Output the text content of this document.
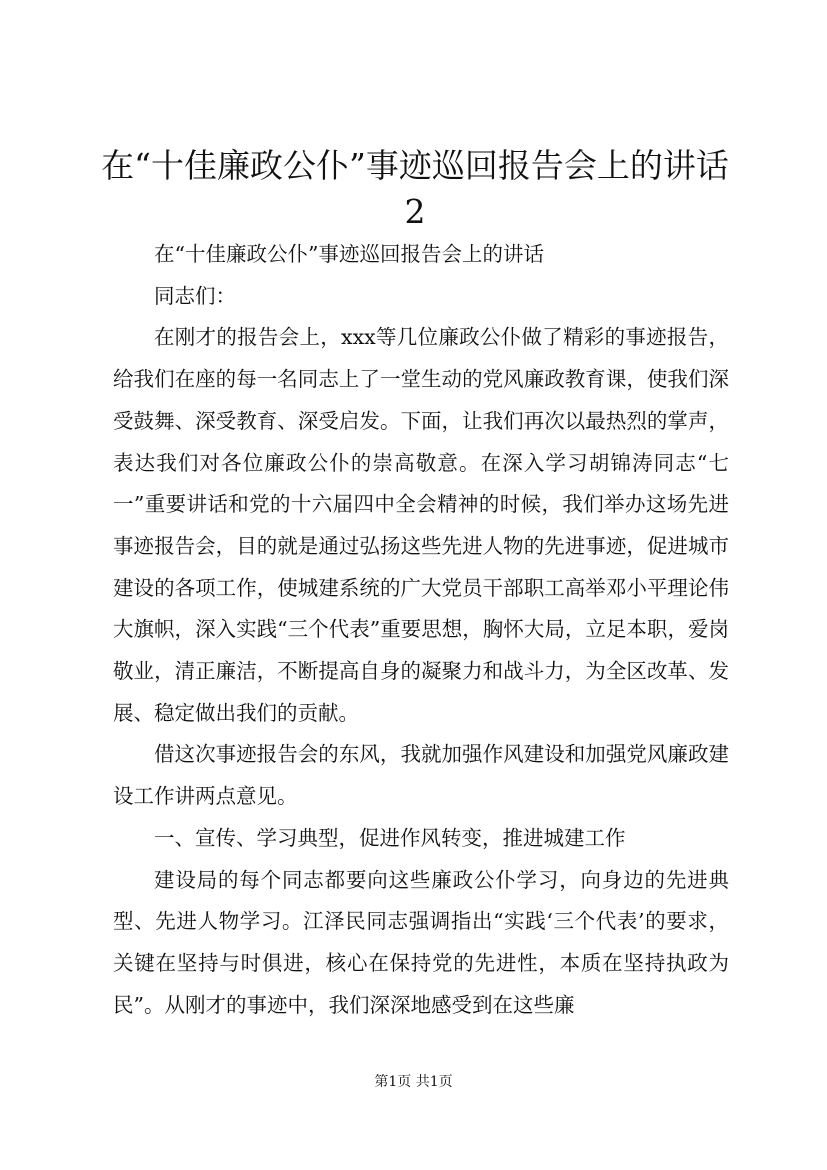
在“十佳廉政公仆”事迹巡回报告会上的讲话
2

在“十佳廉政公仆”事迹巡回报告会上的讲话

同志们：

在刚才的报告会上，xxx等几位廉政公仆做了精彩的事迹报告，给我们在座的每一名同志上了一堂生动的党风廉政教育课，使我们深受鼓舞、深受教育、深受启发。下面，让我们再次以最热烈的掌声，表达我们对各位廉政公仆的崇高敬意。在深入学习胡锦涛同志“七一”重要讲话和党的十六届四中全会精神的时候，我们举办这场先进事迹报告会，目的就是通过弘扬这些先进人物的先进事迹，促进城市建设的各项工作，使城建系统的广大党员干部职工高举邓小平理论伟大旗帜，深入实践“三个代表”重要思想，胸怀大局，立足本职，爱岗敬业，清正廉洁，不断提高自身的凝聚力和战斗力，为全区改革、发展、稳定做出我们的贡献。

借这次事迹报告会的东风，我就加强作风建设和加强党风廉政建设工作讲两点意见。

一、宣传、学习典型，促进作风转变，推进城建工作

建设局的每个同志都要向这些廉政公仆学习，向身边的先进典型、先进人物学习。江泽民同志强调指出“实践‘三个代表’的要求，关键在坚持与时俱进，核心在保持党的先进性，本质在坚持执政为民”。从刚才的事迹中，我们深深地感受到在这些廉

第1页 共1页
